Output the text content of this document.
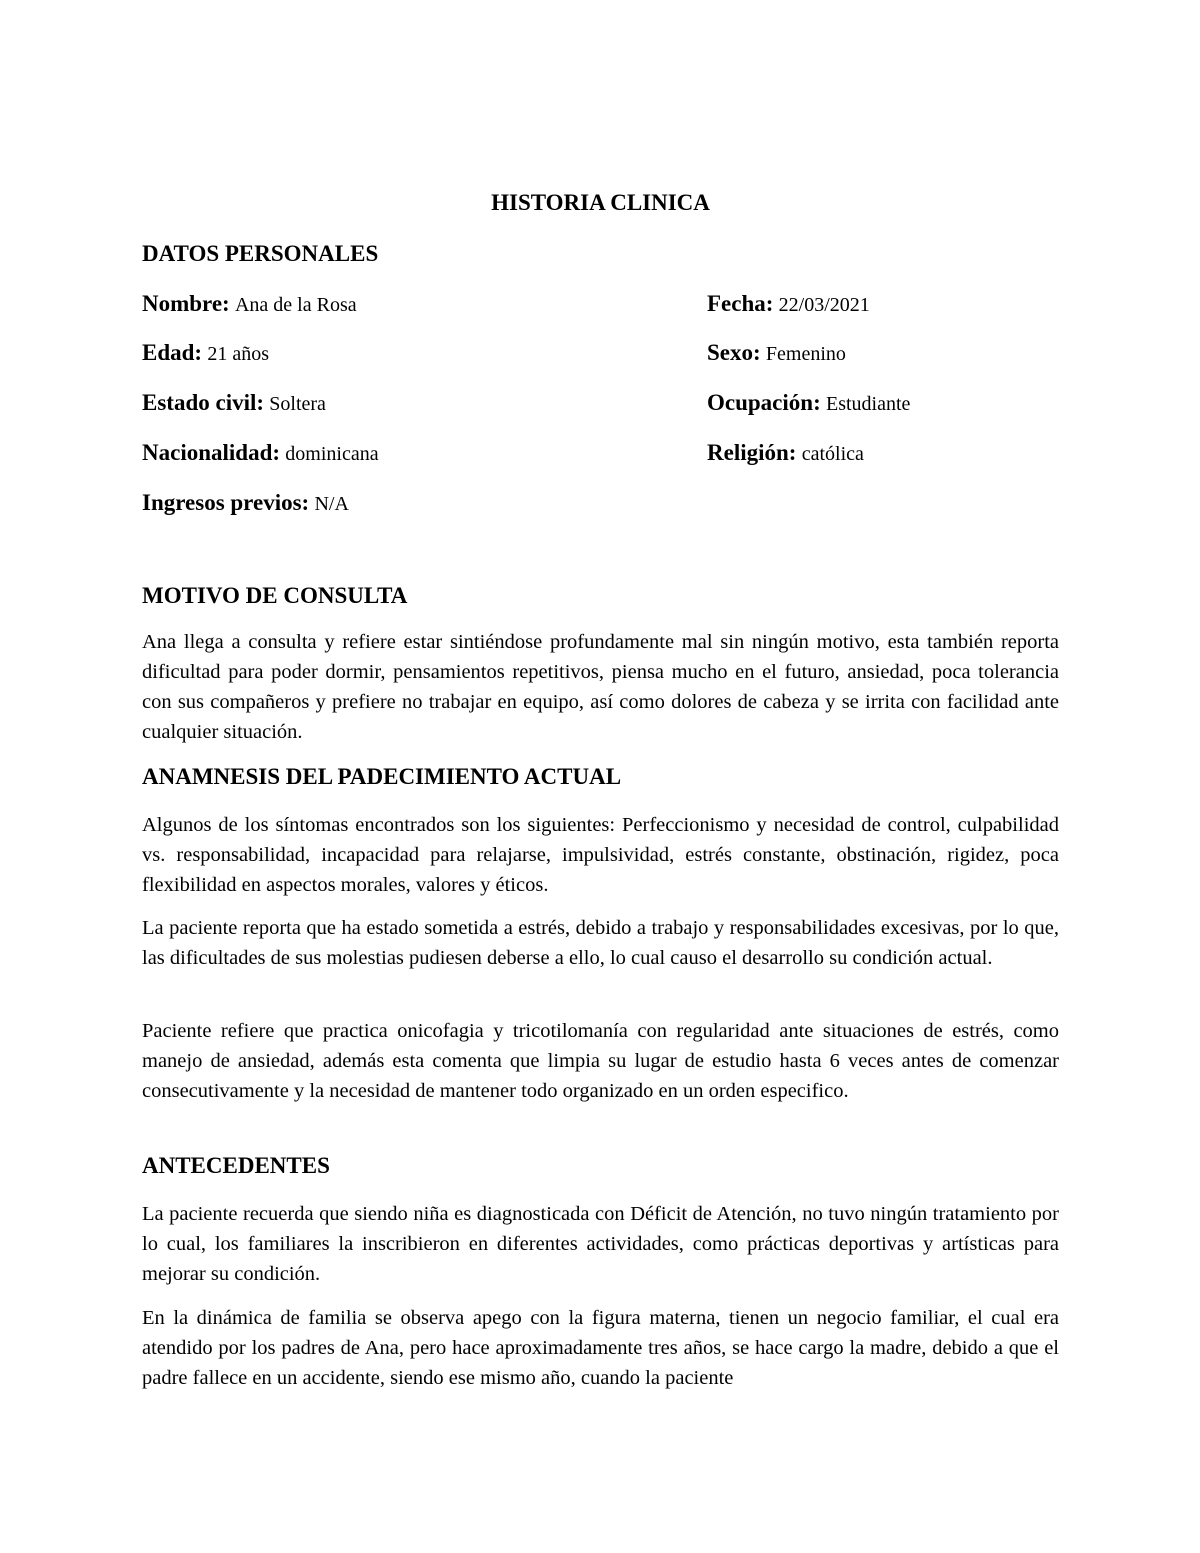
HISTORIA CLINICA
DATOS PERSONALES

Nombre: Ana de la Rosa	Fecha: 22/03/2021

Edad: 21 años	Sexo: Femenino

Estado civil: Soltera	Ocupación: Estudiante

Nacionalidad: dominicana	Religión: católica

Ingresos previos: N/A

MOTIVO DE CONSULTA

Ana llega a consulta y refiere estar sintiéndose profundamente mal sin ningún motivo, esta también reporta dificultad para poder dormir, pensamientos repetitivos, piensa mucho en el futuro, ansiedad, poca tolerancia con sus compañeros y prefiere no trabajar en equipo, así como dolores de cabeza y se irrita con facilidad ante cualquier situación.

ANAMNESIS DEL PADECIMIENTO ACTUAL

Algunos de los síntomas encontrados son los siguientes: Perfeccionismo y necesidad de control, culpabilidad vs. responsabilidad, incapacidad para relajarse, impulsividad, estrés constante, obstinación, rigidez, poca flexibilidad en aspectos morales, valores y éticos.

La paciente reporta que ha estado sometida a estrés, debido a trabajo y responsabilidades excesivas, por lo que, las dificultades de sus molestias pudiesen deberse a ello, lo cual causo el desarrollo su condición actual.

Paciente refiere que practica onicofagia y tricotilomanía con regularidad ante situaciones de estrés, como manejo de ansiedad, además esta comenta que limpia su lugar de estudio hasta 6 veces antes de comenzar consecutivamente y la necesidad de mantener todo organizado en un orden especifico.

ANTECEDENTES

La paciente recuerda que siendo niña es diagnosticada con Déficit de Atención, no tuvo ningún tratamiento por lo cual, los familiares la inscribieron en diferentes actividades, como prácticas deportivas y artísticas para mejorar su condición.

En la dinámica de familia se observa apego con la figura materna, tienen un negocio familiar, el cual era atendido por los padres de Ana, pero hace aproximadamente tres años, se hace cargo la madre, debido a que el padre fallece en un accidente, siendo ese mismo año, cuando la paciente
